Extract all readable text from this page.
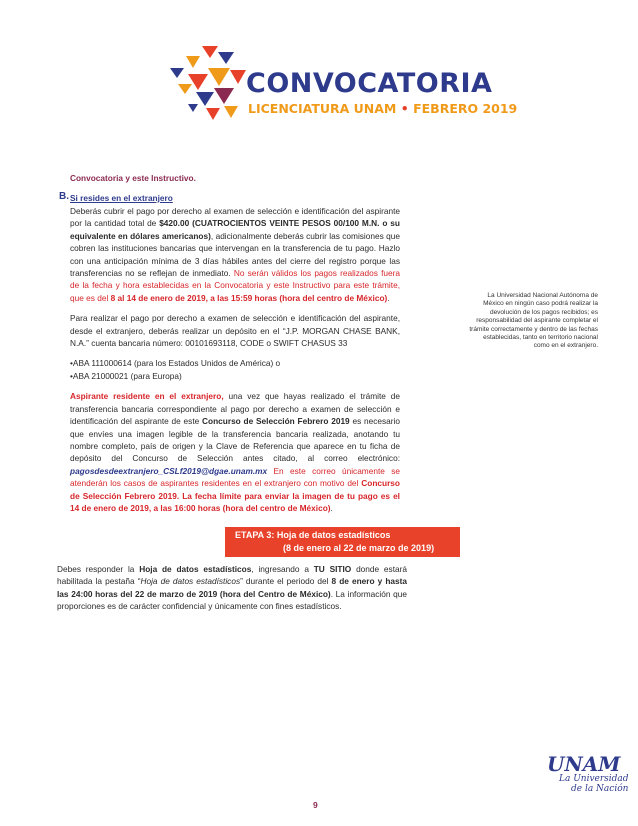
CONVOCATORIA
LICENCIATURA UNAM • FEBRERO 2019
Convocatoria y este Instructivo.
B. Si resides en el extranjero

Deberás cubrir el pago por derecho al examen de selección e identificación del aspirante por la cantidad total de $420.00 (CUATROCIENTOS VEINTE PESOS 00/100 M.N. o su equivalente en dólares americanos), adicionalmente deberás cubrir las comisiones que cobren las instituciones bancarias que intervengan en la transferencia de tu pago. Hazlo con una anticipación mínima de 3 días hábiles antes del cierre del registro porque las transferencias no se reflejan de inmediato. No serán válidos los pagos realizados fuera de la fecha y hora establecidas en la Convocatoria y este Instructivo para este trámite, que es del 8 al 14 de enero de 2019, a las 15:59 horas (hora del centro de México).

Para realizar el pago por derecho a examen de selección e identificación del aspirante, desde el extranjero, deberás realizar un depósito en el “J.P. MORGAN CHASE BANK, N.A.” cuenta bancaria número: 00101693118, CODE o SWIFT CHASUS 33

•ABA 111000614 (para los Estados Unidos de América) o
•ABA 21000021 (para Europa)

Aspirante residente en el extranjero, una vez que hayas realizado el trámite de transferencia bancaria correspondiente al pago por derecho a examen de selección e identificación del aspirante de este Concurso de Selección Febrero 2019 es necesario que envíes una imagen legible de la transferencia bancaria realizada, anotando tu nombre completo, país de origen y la Clave de Referencia que aparece en tu ficha de depósito del Concurso de Selección antes citado, al correo electrónico: pagosdesdeextranjero_CSLf2019@dgae.unam.mx En este correo únicamente se atenderán los casos de aspirantes residentes en el extranjero con motivo del Concurso de Selección Febrero 2019. La fecha límite para enviar la imagen de tu pago es el 14 de enero de 2019, a las 16:00 horas (hora del centro de México).

La Universidad Nacional Autónoma de México en ningún caso podrá realizar la devolución de los pagos recibidos; es responsabilidad del aspirante completar el trámite correctamente y dentro de las fechas establecidas, tanto en territorio nacional como en el extranjero.
ETAPA 3: Hoja de datos estadísticos
(8 de enero al 22 de marzo de 2019)
Debes responder la Hoja de datos estadísticos, ingresando a TU SITIO donde estará habilitada la pestaña “Hoja de datos estadísticos” durante el periodo del 8 de enero y hasta las 24:00 horas del 22 de marzo de 2019 (hora del Centro de México). La información que proporciones es de carácter confidencial y únicamente con fines estadísticos.
9
UNAM
La Universidad
de la Nación
